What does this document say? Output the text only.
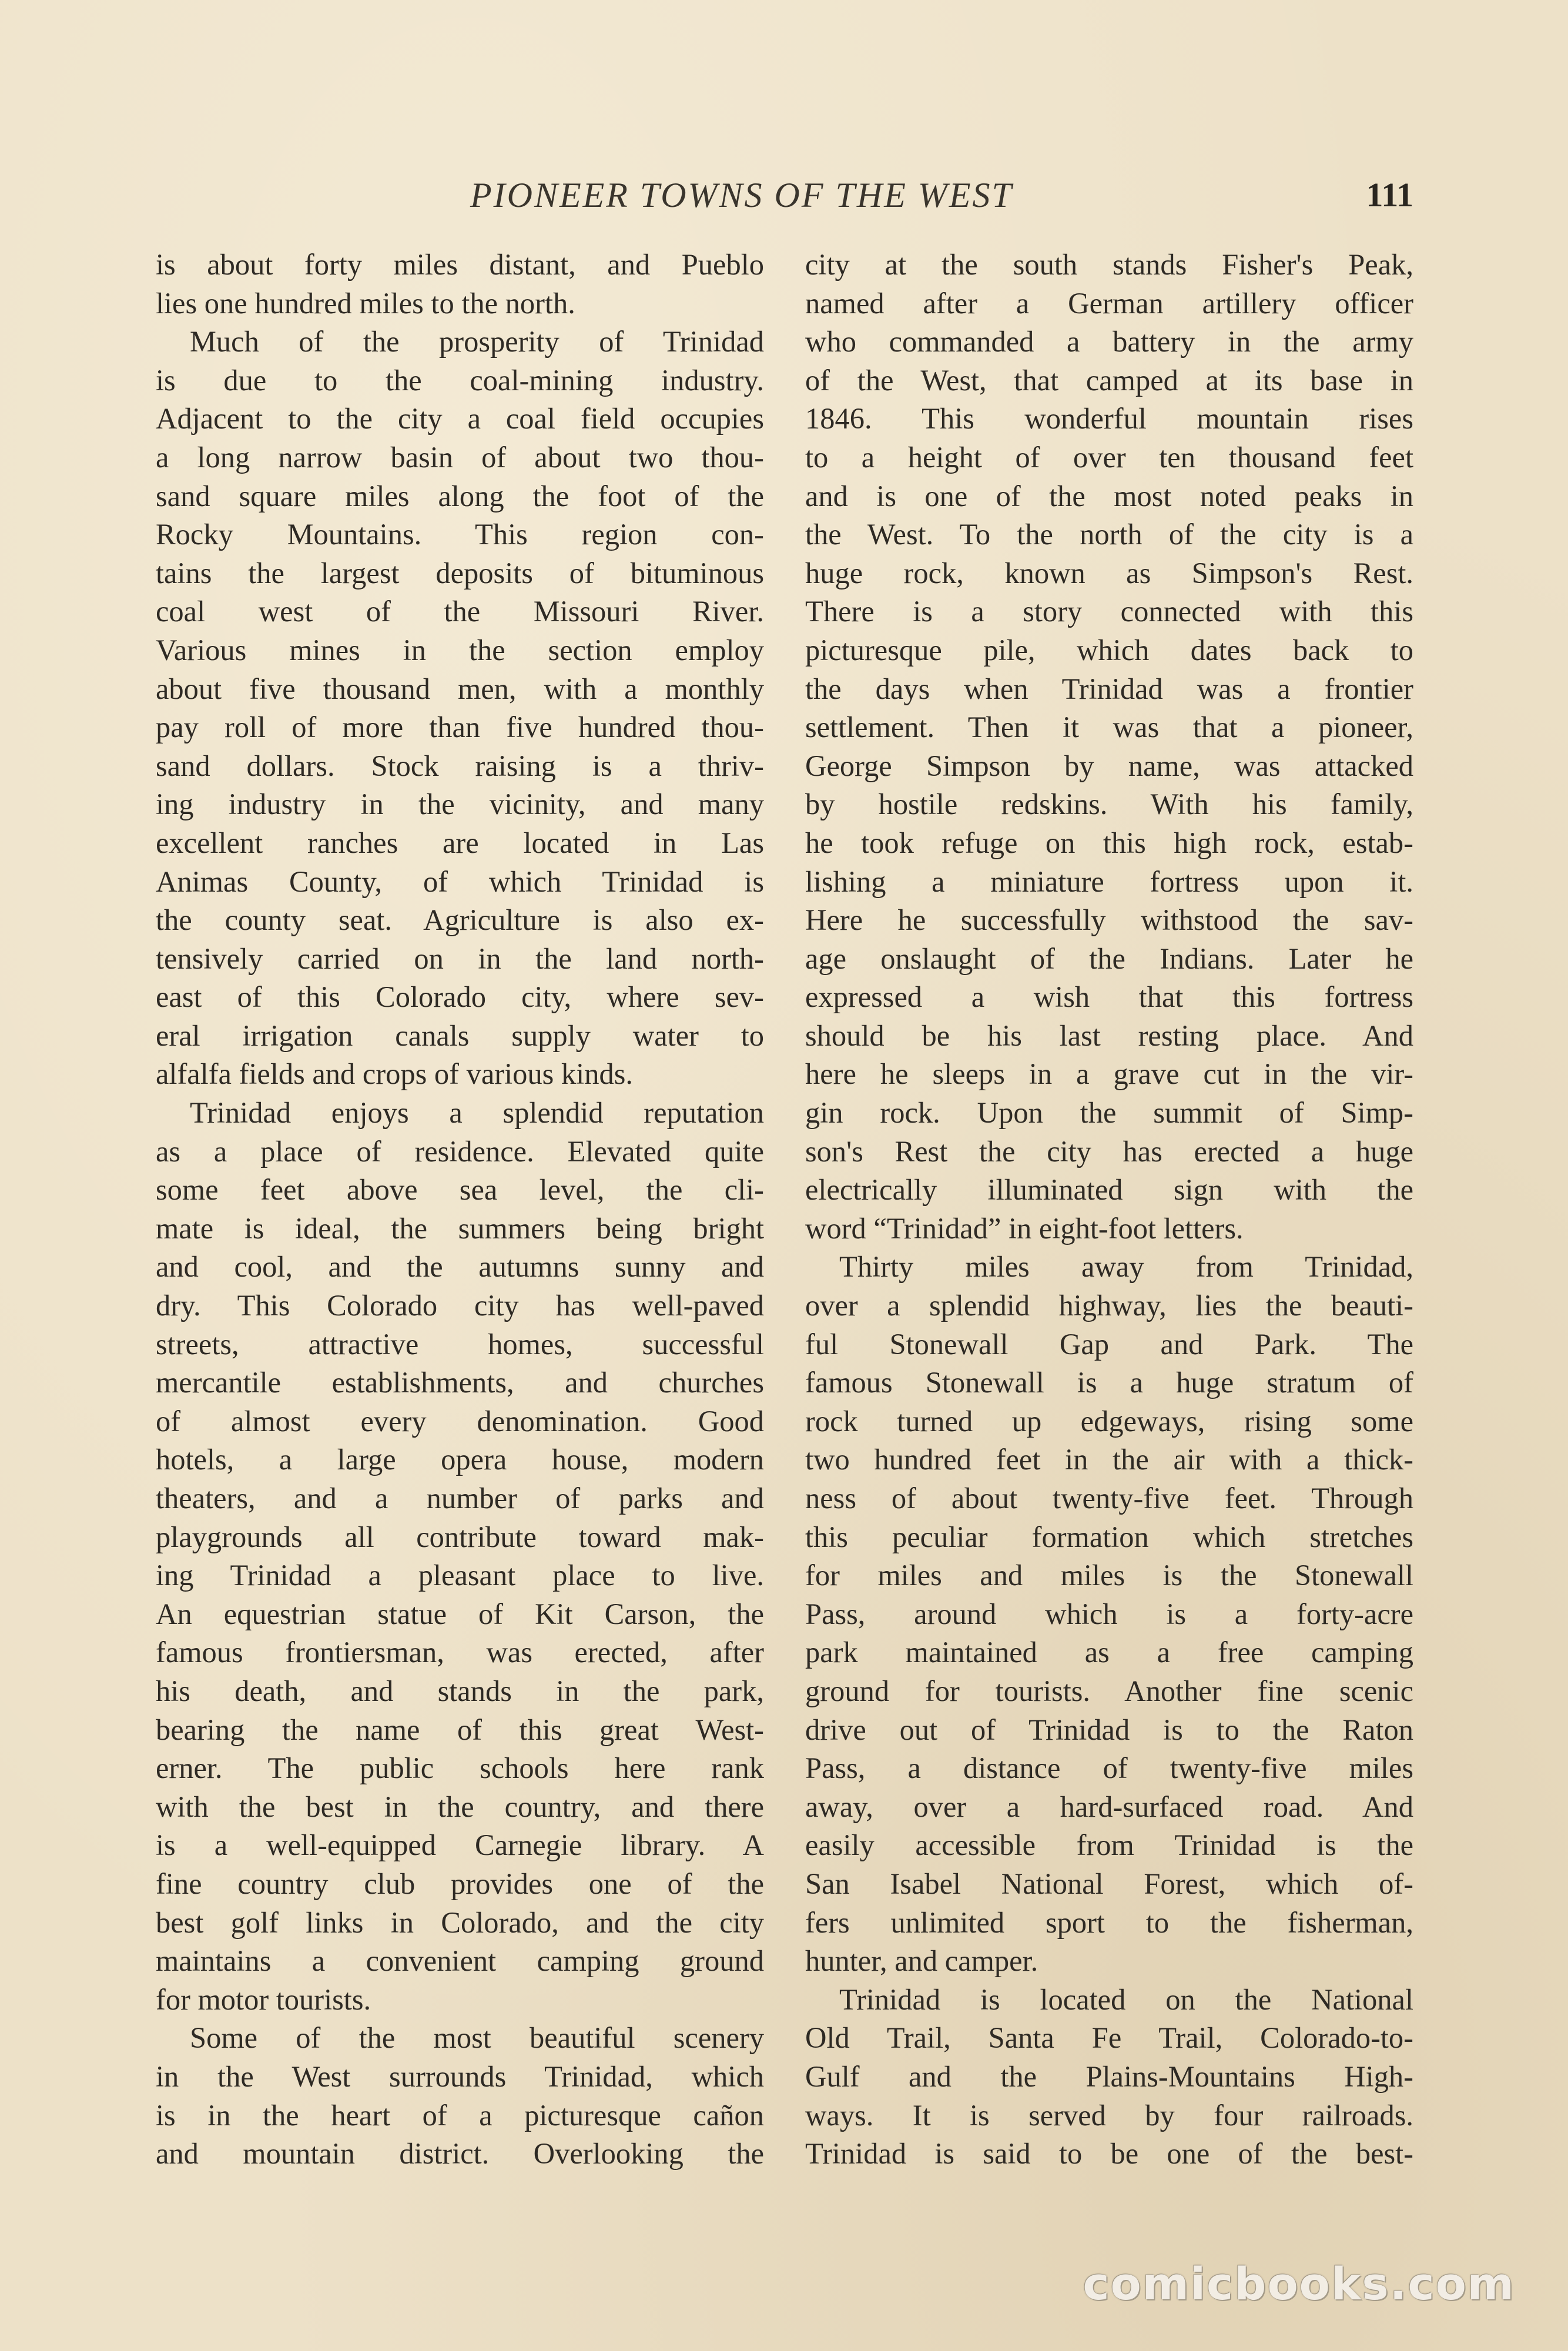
PIONEER TOWNS OF THE WEST	111
is about forty miles distant, and Pueblo
lies one hundred miles to the north.
Much of the prosperity of Trinidad
is due to the coal-mining industry.
Adjacent to the city a coal field occupies
a long narrow basin of about two thou-
sand square miles along the foot of the
Rocky Mountains. This region con-
tains the largest deposits of bituminous
coal west of the Missouri River.
Various mines in the section employ
about five thousand men, with a monthly
pay roll of more than five hundred thou-
sand dollars. Stock raising is a thriv-
ing industry in the vicinity, and many
excellent ranches are located in Las
Animas County, of which Trinidad is
the county seat. Agriculture is also ex-
tensively carried on in the land north-
east of this Colorado city, where sev-
eral irrigation canals supply water to
alfalfa fields and crops of various kinds.
Trinidad enjoys a splendid reputation
as a place of residence. Elevated quite
some feet above sea level, the cli-
mate is ideal, the summers being bright
and cool, and the autumns sunny and
dry. This Colorado city has well-paved
streets, attractive homes, successful
mercantile establishments, and churches
of almost every denomination. Good
hotels, a large opera house, modern
theaters, and a number of parks and
playgrounds all contribute toward mak-
ing Trinidad a pleasant place to live.
An equestrian statue of Kit Carson, the
famous frontiersman, was erected, after
his death, and stands in the park,
bearing the name of this great West-
erner. The public schools here rank
with the best in the country, and there
is a well-equipped Carnegie library. A
fine country club provides one of the
best golf links in Colorado, and the city
maintains a convenient camping ground
for motor tourists.
Some of the most beautiful scenery
in the West surrounds Trinidad, which
is in the heart of a picturesque cañon
and mountain district. Overlooking the
city at the south stands Fisher's Peak,
named after a German artillery officer
who commanded a battery in the army
of the West, that camped at its base in
1846. This wonderful mountain rises
to a height of over ten thousand feet
and is one of the most noted peaks in
the West. To the north of the city is a
huge rock, known as Simpson's Rest.
There is a story connected with this
picturesque pile, which dates back to
the days when Trinidad was a frontier
settlement. Then it was that a pioneer,
George Simpson by name, was attacked
by hostile redskins. With his family,
he took refuge on this high rock, estab-
lishing a miniature fortress upon it.
Here he successfully withstood the sav-
age onslaught of the Indians. Later he
expressed a wish that this fortress
should be his last resting place. And
here he sleeps in a grave cut in the vir-
gin rock. Upon the summit of Simp-
son's Rest the city has erected a huge
electrically illuminated sign with the
word “Trinidad” in eight-foot letters.
Thirty miles away from Trinidad,
over a splendid highway, lies the beauti-
ful Stonewall Gap and Park. The
famous Stonewall is a huge stratum of
rock turned up edgeways, rising some
two hundred feet in the air with a thick-
ness of about twenty-five feet. Through
this peculiar formation which stretches
for miles and miles is the Stonewall
Pass, around which is a forty-acre
park maintained as a free camping
ground for tourists. Another fine scenic
drive out of Trinidad is to the Raton
Pass, a distance of twenty-five miles
away, over a hard-surfaced road. And
easily accessible from Trinidad is the
San Isabel National Forest, which of-
fers unlimited sport to the fisherman,
hunter, and camper.
Trinidad is located on the National
Old Trail, Santa Fe Trail, Colorado-to-
Gulf and the Plains-Mountains High-
ways. It is served by four railroads.
Trinidad is said to be one of the best-
comicbooks.com
